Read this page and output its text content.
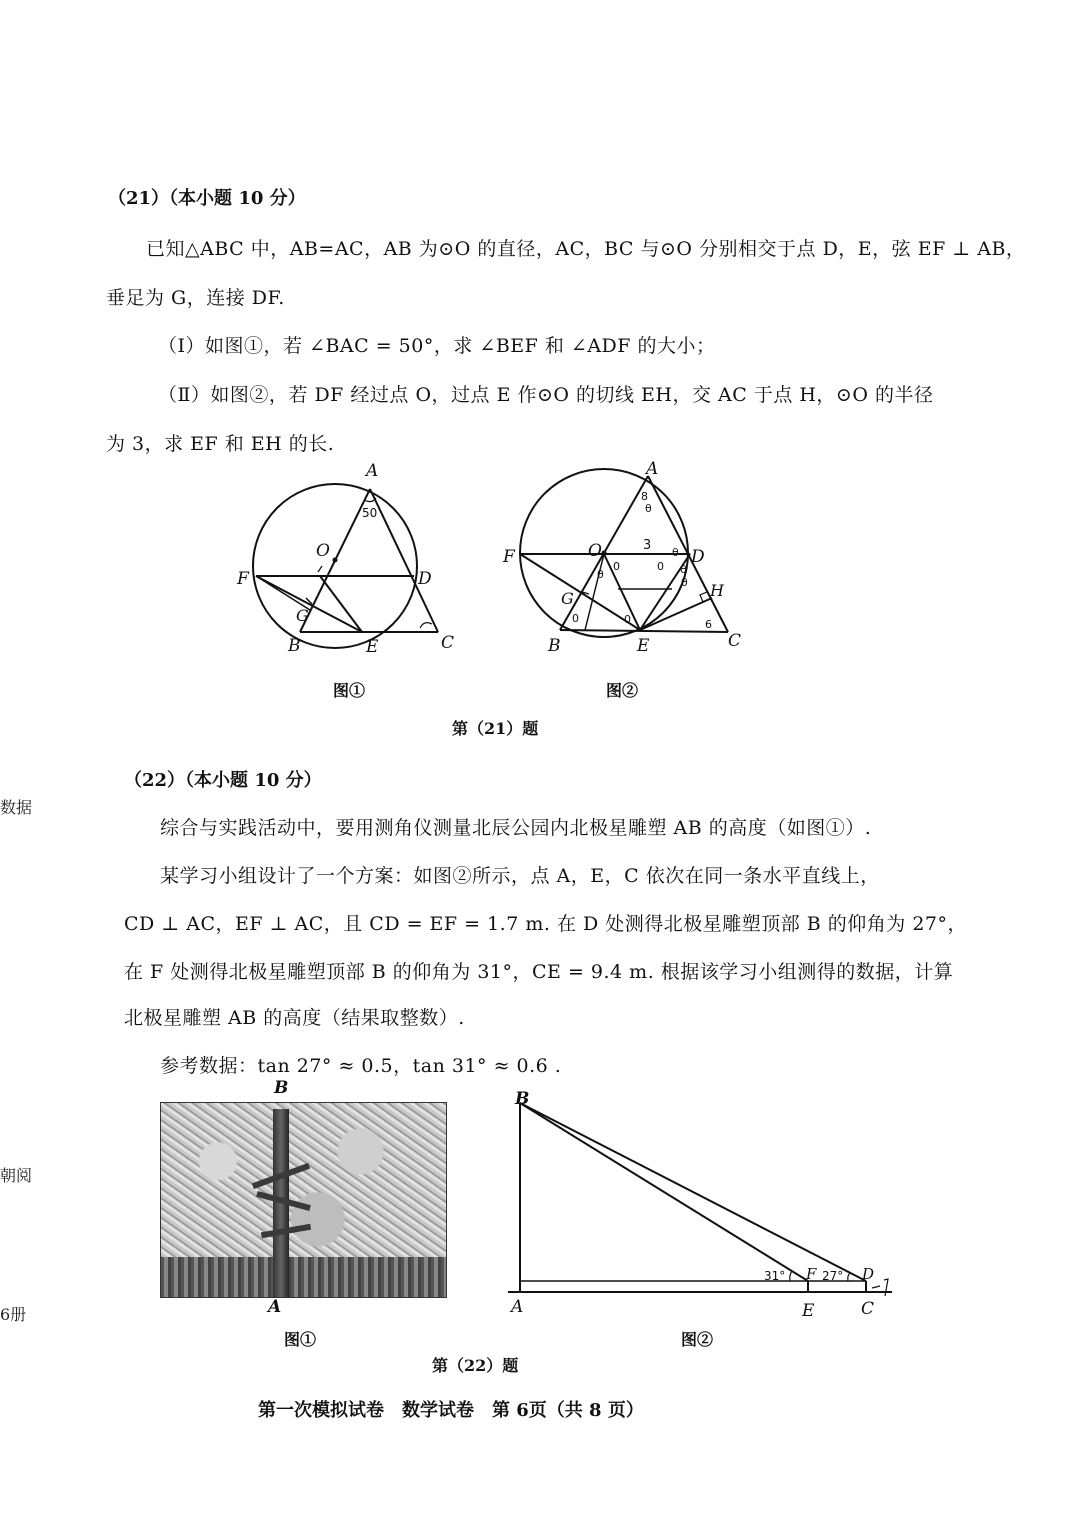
数据
朝阅
6册
（21）（本小题 10 分）
已知△ABC 中，AB=AC，AB 为⊙O 的直径，AC，BC 与⊙O 分别相交于点 D，E，弦 EF ⊥ AB，
垂足为 G，连接 DF.
（Ⅰ）如图①，若 ∠BAC = 50°，求 ∠BEF 和 ∠ADF 的大小；
（Ⅱ）如图②，若 DF 经过点 O，过点 E 作⊙O 的切线 EH，交 AC 于点 H，⊙O 的半径
为 3，求 EF 和 EH 的长.
A
O
F	D
G
B	E	C
50
图①
A
O
F	D
G
B	E	C
H
3
8
θ
θ
0	0
θ
θ
θ
0	0	6
图②
第（21）题
（22）（本小题 10 分）
综合与实践活动中，要用测角仪测量北辰公园内北极星雕塑 AB 的高度（如图①）.
某学习小组设计了一个方案：如图②所示，点 A，E，C 依次在同一条水平直线上，
CD ⊥ AC，EF ⊥ AC，且 CD = EF = 1.7 m. 在 D 处测得北极星雕塑顶部 B 的仰角为 27°，
在 F 处测得北极星雕塑顶部 B 的仰角为 31°，CE = 9.4 m. 根据该学习小组测得的数据，计算
北极星雕塑 AB 的高度（结果取整数）.
参考数据：tan 27° ≈ 0.5，tan 31° ≈ 0.6 .
B
A
图①
B
A	E	C
F	D
31°	27°
图②
第（22）题
第一次模拟试卷　数学试卷　第 6页（共 8 页）
